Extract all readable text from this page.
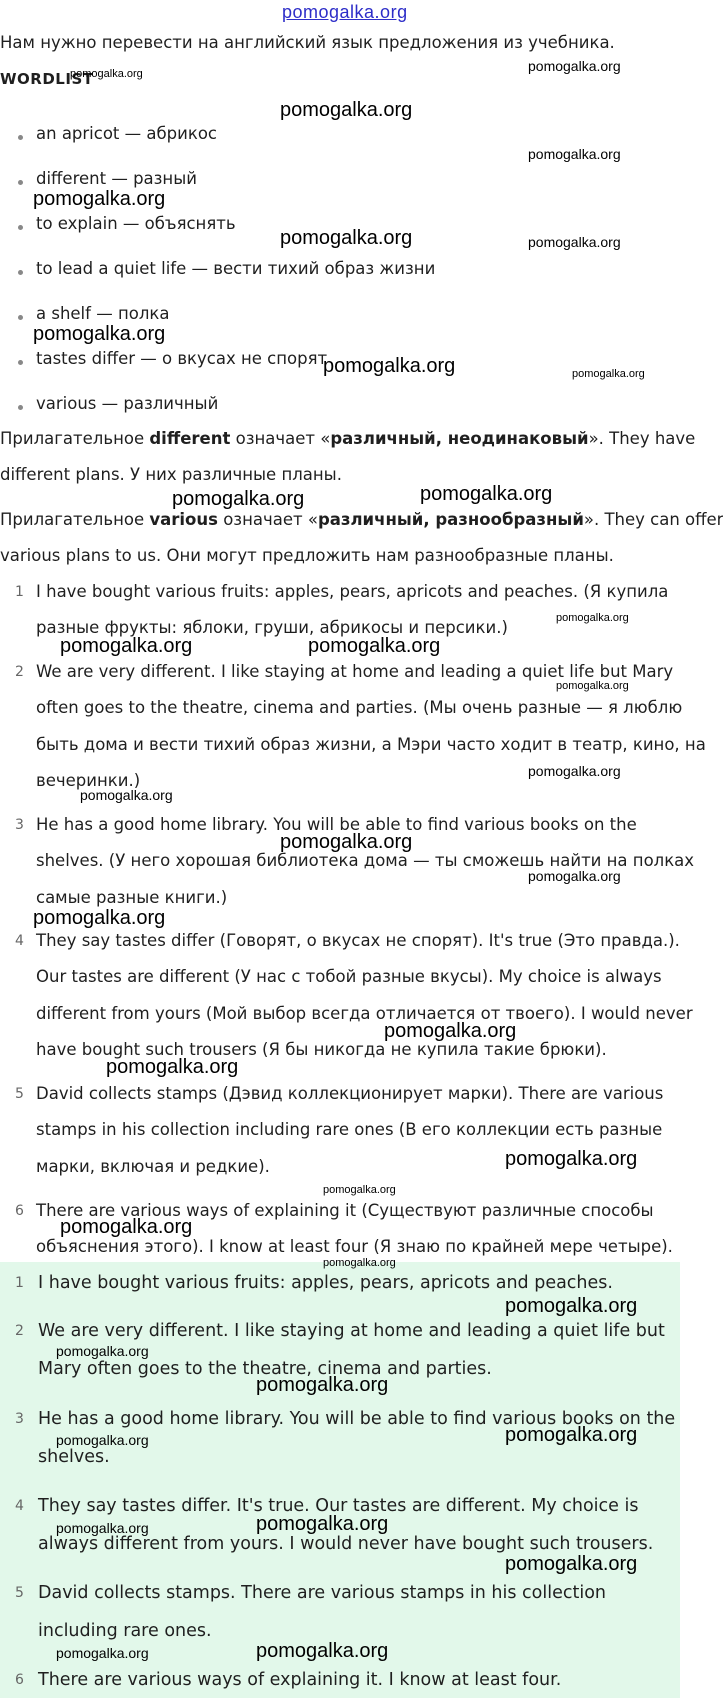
pomogalka.org
Нам нужно перевести на английский язык предложения из учебника.
WORDLIST
an apricot — абрикос
different — разный
to explain — объяснять
to lead a quiet life — вести тихий образ жизни
a shelf — полка
tastes differ — о вкусах не спорят
various — различный
Прилагательное different означает «различный, неодинаковый». They have
different plans. У них различные планы.
Прилагательное various означает «различный, разнообразный». They can offer
various plans to us. Они могут предложить нам разнообразные планы.
1 I have bought various fruits: apples, pears, apricots and peaches. (Я купила
разные фрукты: яблоки, груши, абрикосы и персики.)
2 We are very different. I like staying at home and leading a quiet life but Mary
often goes to the theatre, cinema and parties. (Мы очень разные — я люблю
быть дома и вести тихий образ жизни, а Мэри часто ходит в театр, кино, на
вечеринки.)
3 He has a good home library. You will be able to find various books on the
shelves. (У него хорошая библиотека дома — ты сможешь найти на полках
самые разные книги.)
4 They say tastes differ (Говорят, о вкусах не спорят). It's true (Это правда.).
Our tastes are different (У нас с тобой разные вкусы). My choice is always
different from yours (Мой выбор всегда отличается от твоего). I would never
have bought such trousers (Я бы никогда не купила такие брюки).
5 David collects stamps (Дэвид коллекционирует марки). There are various
stamps in his collection including rare ones (В его коллекции есть разные
марки, включая и редкие).
6 There are various ways of explaining it (Существуют различные способы
объяснения этого). I know at least four (Я знаю по крайней мере четыре).
1 I have bought various fruits: apples, pears, apricots and peaches.
2 We are very different. I like staying at home and leading a quiet life but
Mary often goes to the theatre, cinema and parties.
3 He has a good home library. You will be able to find various books on the
shelves.
4 They say tastes differ. It's true. Our tastes are different. My choice is
always different from yours. I would never have bought such trousers.
5 David collects stamps. There are various stamps in his collection
including rare ones.
6 There are various ways of explaining it. I know at least four.
pomogalka.org	pomogalka.org
pomogalka.org
pomogalka.org
pomogalka.org
pomogalka.org	pomogalka.org
pomogalka.org
pomogalka.org	pomogalka.org
pomogalka.org	pomogalka.org
pomogalka.org
pomogalka.org	pomogalka.org
pomogalka.org
pomogalka.org
pomogalka.org
pomogalka.org
pomogalka.org
pomogalka.org
pomogalka.org
pomogalka.org
pomogalka.org
pomogalka.org
pomogalka.org
pomogalka.org
pomogalka.org
pomogalka.org
pomogalka.org
pomogalka.org	pomogalka.org
pomogalka.org	pomogalka.org
pomogalka.org
pomogalka.org	pomogalka.org
